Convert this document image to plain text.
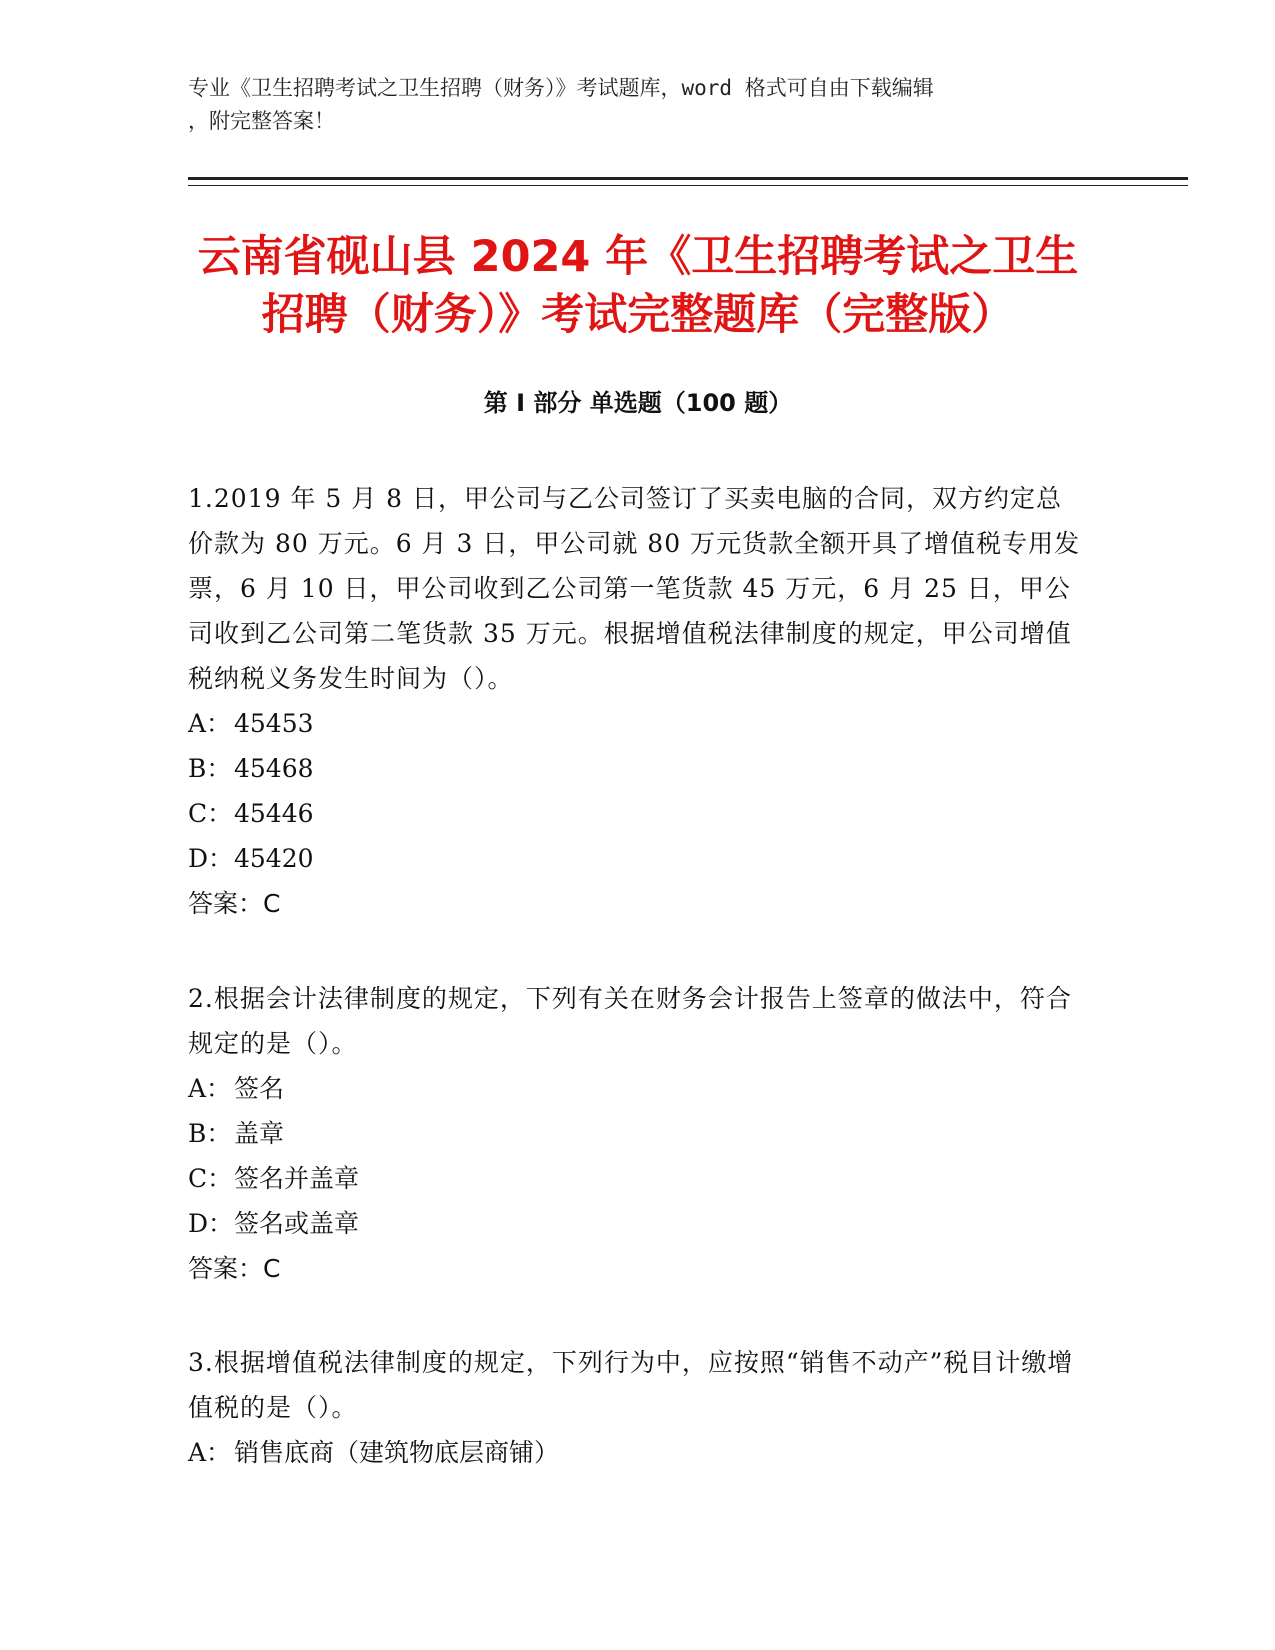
专业《卫生招聘考试之卫生招聘（财务）》考试题库，word 格式可自由下载编辑
，附完整答案！
云南省砚山县 2024 年《卫生招聘考试之卫生
招聘（财务）》考试完整题库（完整版）
第 I 部分 单选题（100 题）
1.2019 年 5 月 8 日，甲公司与乙公司签订了买卖电脑的合同，双方约定总价款为 80 万元。6 月 3 日，甲公司就 80 万元货款全额开具了增值税专用发票，6 月 10 日，甲公司收到乙公司第一笔货款 45 万元，6 月 25 日，甲公司收到乙公司第二笔货款 35 万元。根据增值税法律制度的规定，甲公司增值税纳税义务发生时间为（）。
A： 45453
B： 45468
C：45446
D：45420
答案：C
2.根据会计法律制度的规定，下列有关在财务会计报告上签章的做法中，符合规定的是（）。
A： 签名
B： 盖章
C：签名并盖章
D：签名或盖章
答案：C
3.根据增值税法律制度的规定，下列行为中，应按照“销售不动产”税目计缴增值税的是（）。
A： 销售底商（建筑物底层商铺）
